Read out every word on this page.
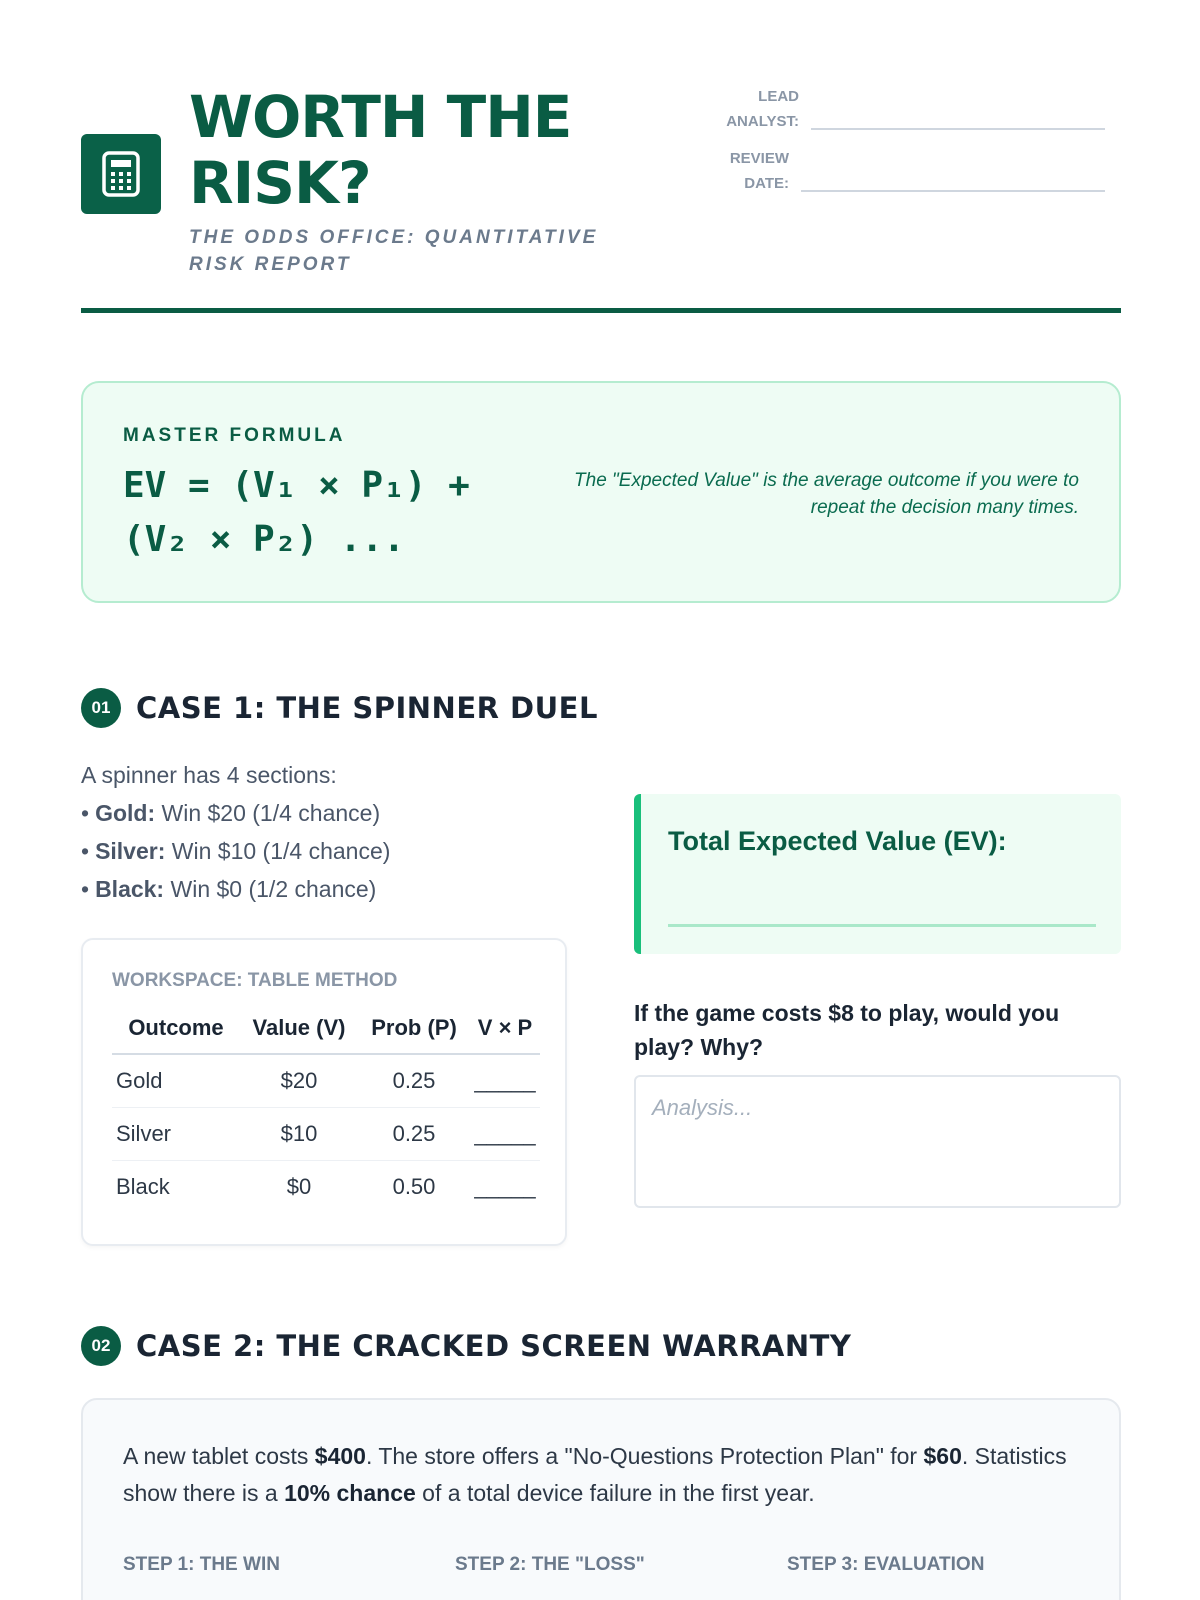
WORTH THE
RISK?
THE ODDS OFFICE: QUANTITATIVE RISK REPORT
LEAD
ANALYST:
REVIEW
DATE:
MASTER FORMULA
EV = (V₁ × P₁) +
(V₂ × P₂) ...
The "Expected Value" is the average outcome if you were to repeat the decision many times.
01 CASE 1: THE SPINNER DUEL
A spinner has 4 sections:
• Gold: Win $20 (1/4 chance)
• Silver: Win $10 (1/4 chance)
• Black: Win $0 (1/2 chance)
WORKSPACE: TABLE METHOD
Outcome	Value (V)	Prob (P)	V × P
Gold	$20	0.25	_____
Silver	$10	0.25	_____
Black	$0	0.50	_____
Total Expected Value (EV):
If the game costs $8 to play, would you play? Why?
Analysis...
02 CASE 2: THE CRACKED SCREEN WARRANTY
A new tablet costs $400. The store offers a "No-Questions Protection Plan" for $60. Statistics show there is a 10% chance of a total device failure in the first year.
STEP 1: THE WIN	STEP 2: THE "LOSS"	STEP 3: EVALUATION
